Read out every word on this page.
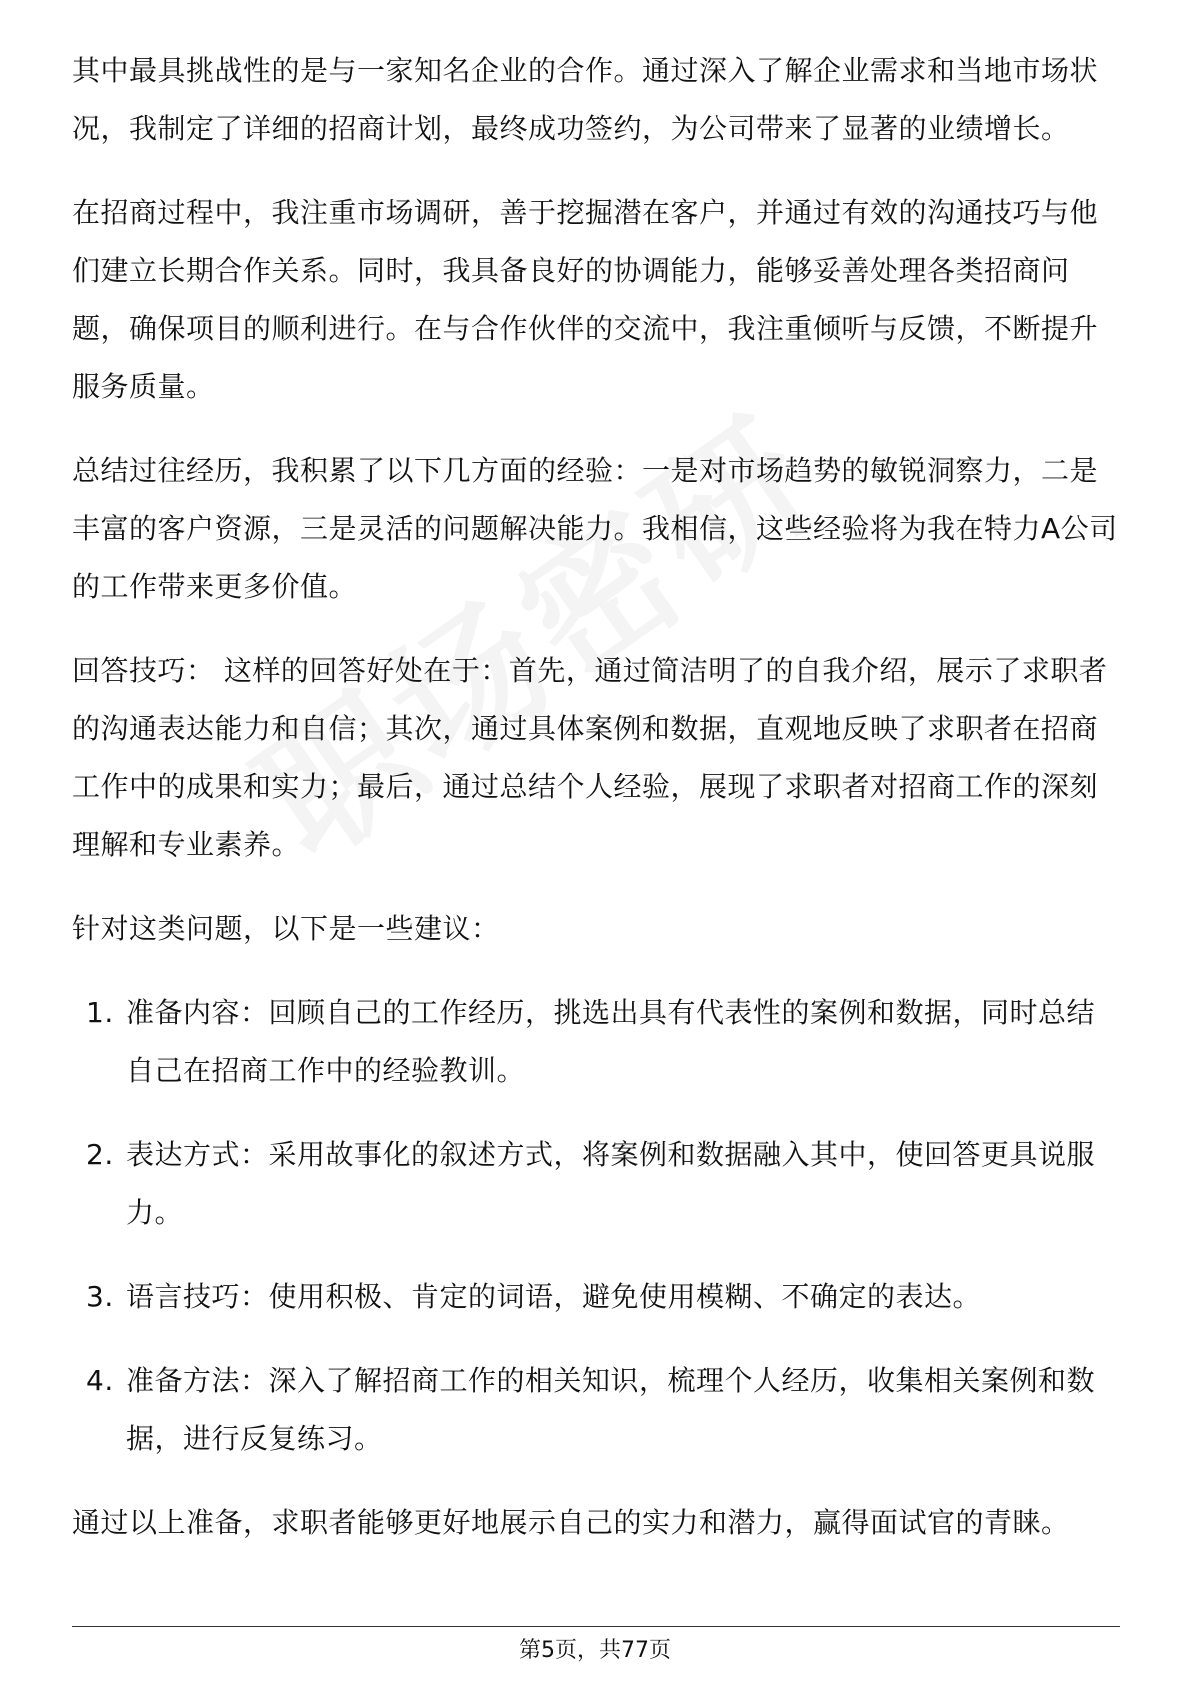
其中最具挑战性的是与一家知名企业的合作。通过深入了解企业需求和当地市场状况，我制定了详细的招商计划，最终成功签约，为公司带来了显著的业绩增长。

在招商过程中，我注重市场调研，善于挖掘潜在客户，并通过有效的沟通技巧与他们建立长期合作关系。同时，我具备良好的协调能力，能够妥善处理各类招商问题，确保项目的顺利进行。在与合作伙伴的交流中，我注重倾听与反馈，不断提升服务质量。

总结过往经历，我积累了以下几方面的经验：一是对市场趋势的敏锐洞察力，二是丰富的客户资源，三是灵活的问题解决能力。我相信，这些经验将为我在特力A公司的工作带来更多价值。

回答技巧： 这样的回答好处在于：首先，通过简洁明了的自我介绍，展示了求职者的沟通表达能力和自信；其次，通过具体案例和数据，直观地反映了求职者在招商工作中的成果和实力；最后，通过总结个人经验，展现了求职者对招商工作的深刻理解和专业素养。

针对这类问题，以下是一些建议：

1. 准备内容：回顾自己的工作经历，挑选出具有代表性的案例和数据，同时总结自己在招商工作中的经验教训。
2. 表达方式：采用故事化的叙述方式，将案例和数据融入其中，使回答更具说服力。
3. 语言技巧：使用积极、肯定的词语，避免使用模糊、不确定的表达。
4. 准备方法：深入了解招商工作的相关知识，梳理个人经历，收集相关案例和数据，进行反复练习。

通过以上准备，求职者能够更好地展示自己的实力和潜力，赢得面试官的青睐。

第5页，共77页
